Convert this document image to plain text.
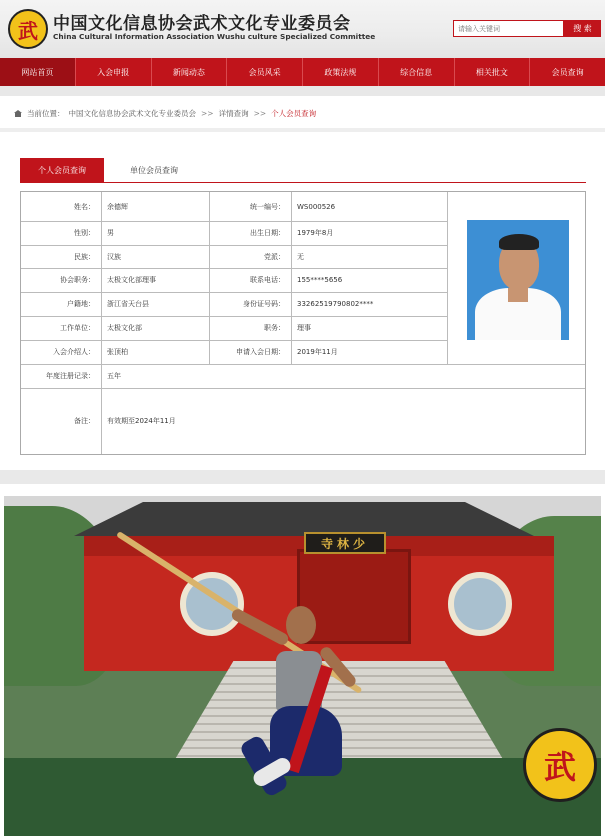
武 中国文化信息协会武术文化专业委员会
China Cultural Information Association Wushu culture Specialized Committee
请输入关键词
搜 索
网站首页	入会申报	新闻动态	会员风采	政策法规	综合信息	相关批文	会员查询
当前位置： 中国文化信息协会武术文化专业委员会 >> 详情查询 >> 个人会员查询
个人会员查询	单位会员查询
姓名：	余德辉	统一编号：	WS000526
性别：	男	出生日期：	1979年8月
民族：	汉族	党派：	无
协会职务：	太极文化部理事	联系电话：	155****5656
户籍地：	浙江省天台县	身份证号码：	33262519790802****
工作单位：	太极文化部	职务：	理事
入会介绍人：	张顶柏	申请入会日期：	2019年11月
年度注册记录：	五年
备注：	有效期至2024年11月
寺林少
武
